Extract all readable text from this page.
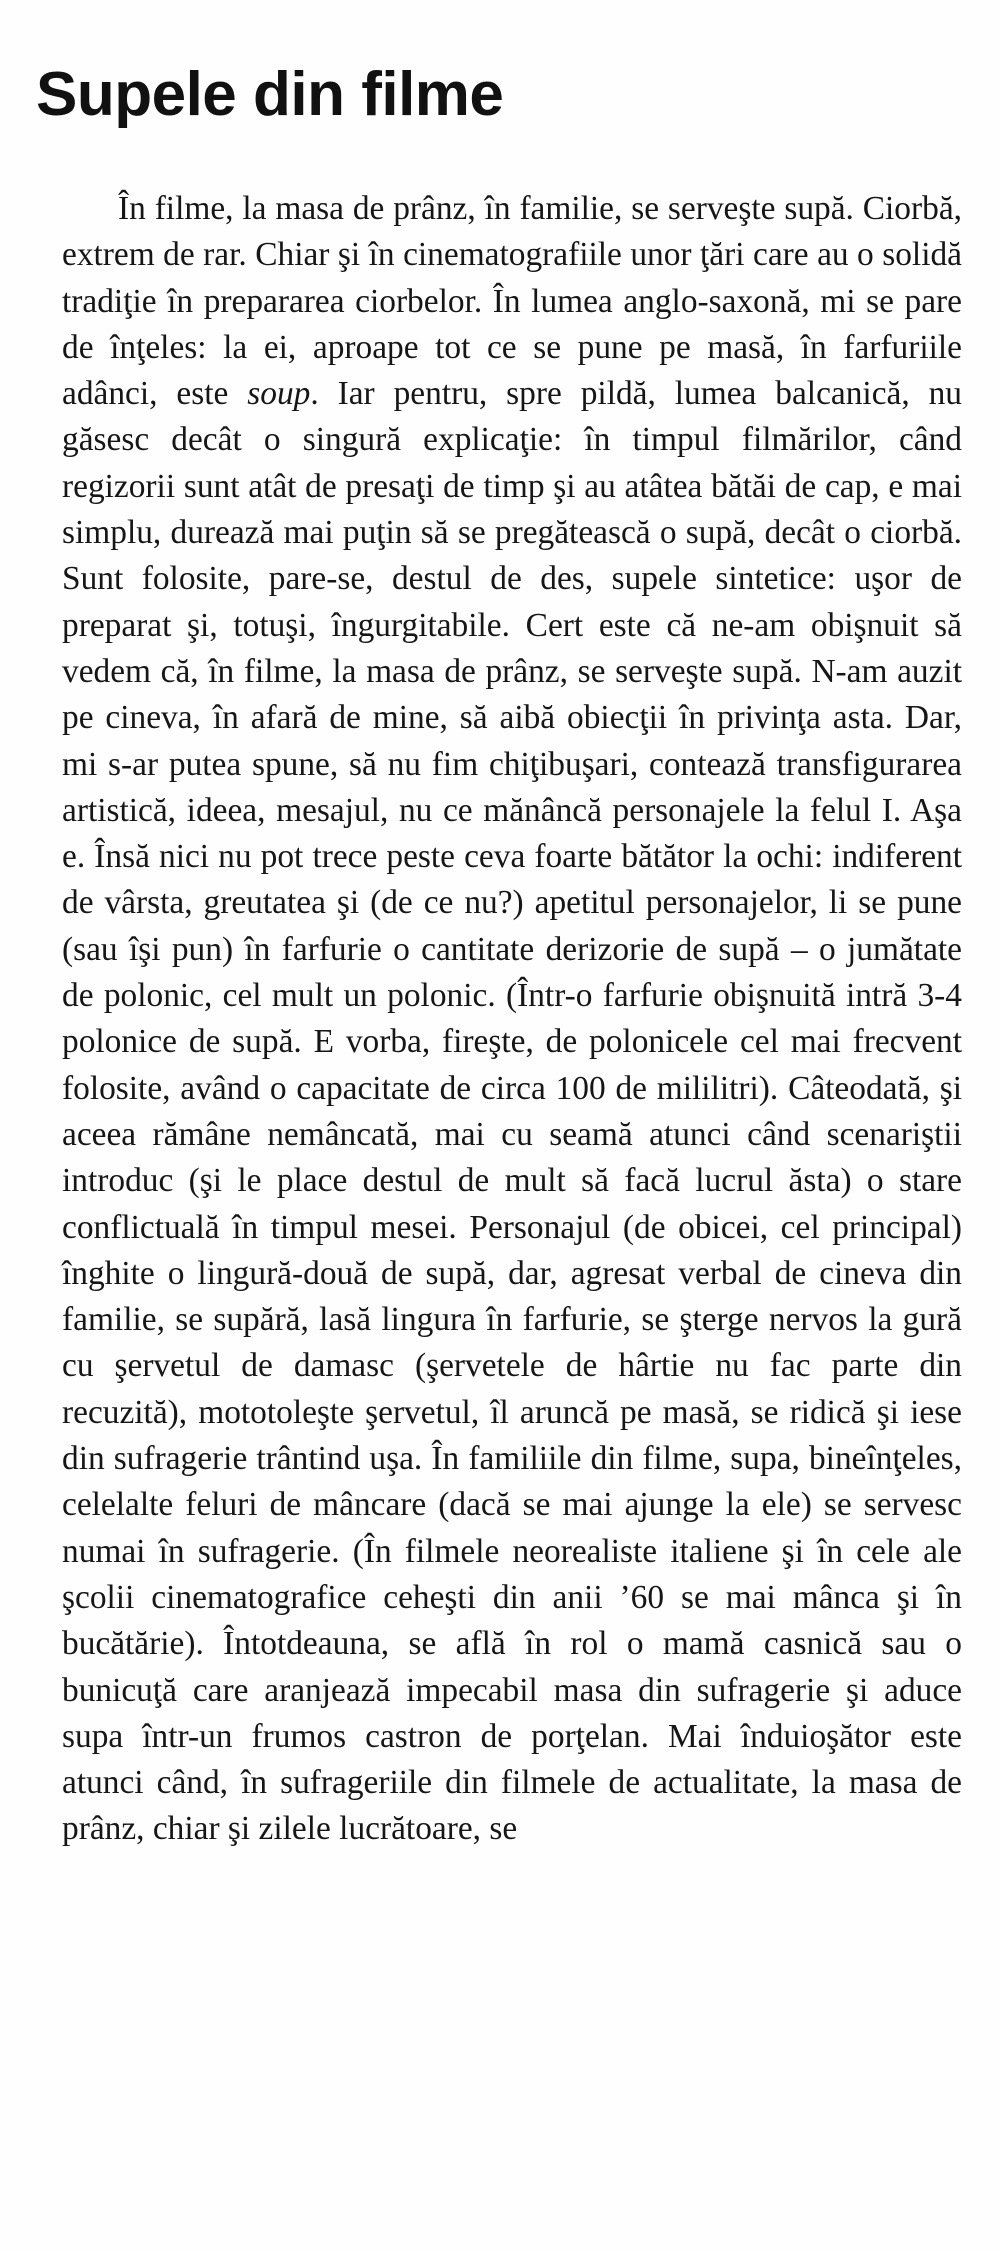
Supele din filme

În filme, la masa de prânz, în familie, se serveşte supă. Ciorbă, extrem de rar. Chiar şi în cinematografiile unor ţări care au o solidă tradiţie în prepararea ciorbelor. În lumea anglo-saxonă, mi se pare de înţeles: la ei, aproape tot ce se pune pe masă, în farfuriile adânci, este soup. Iar pentru, spre pildă, lumea balcanică, nu găsesc decât o singură explicaţie: în timpul filmărilor, când regizorii sunt atât de presaţi de timp şi au atâtea bătăi de cap, e mai simplu, durează mai puţin să se pregătească o supă, decât o ciorbă. Sunt folosite, pare-se, destul de des, supele sintetice: uşor de preparat şi, totuşi, îngurgitabile. Cert este că ne-am obişnuit să vedem că, în filme, la masa de prânz, se serveşte supă. N-am auzit pe cineva, în afară de mine, să aibă obiecţii în privinţa asta. Dar, mi s-ar putea spune, să nu fim chiţibuşari, contează transfigurarea artistică, ideea, mesajul, nu ce mănâncă personajele la felul I. Aşa e. Însă nici nu pot trece peste ceva foarte bătător la ochi: indiferent de vârsta, greutatea şi (de ce nu?) apetitul personajelor, li se pune (sau îşi pun) în farfurie o cantitate derizorie de supă – o jumătate de polonic, cel mult un polonic. (Într-o farfurie obişnuită intră 3-4 polonice de supă. E vorba, fireşte, de polonicele cel mai frecvent folosite, având o capacitate de circa 100 de mililitri). Câteodată, şi aceea rămâne nemâncată, mai cu seamă atunci când scenariştii introduc (şi le place destul de mult să facă lucrul ăsta) o stare conflictuală în timpul mesei. Personajul (de obicei, cel principal) înghite o lingură-două de supă, dar, agresat verbal de cineva din familie, se supără, lasă lingura în farfurie, se şterge nervos la gură cu şervetul de damasc (şervetele de hârtie nu fac parte din recuzită), mototoleşte şervetul, îl aruncă pe masă, se ridică şi iese din sufragerie trântind uşa. În familiile din filme, supa, bineînţeles, celelalte feluri de mâncare (dacă se mai ajunge la ele) se servesc numai în sufragerie. (În filmele neorealiste italiene şi în cele ale şcolii cinematografice ceheşti din anii ’60 se mai mânca şi în bucătărie). Întotdeauna, se află în rol o mamă casnică sau o bunicuţă care aranjează impecabil masa din sufragerie şi aduce supa într-un frumos castron de porţelan. Mai înduioşător este atunci când, în sufrageriile din filmele de actualitate, la masa de prânz, chiar şi zilele lucrătoare, se
